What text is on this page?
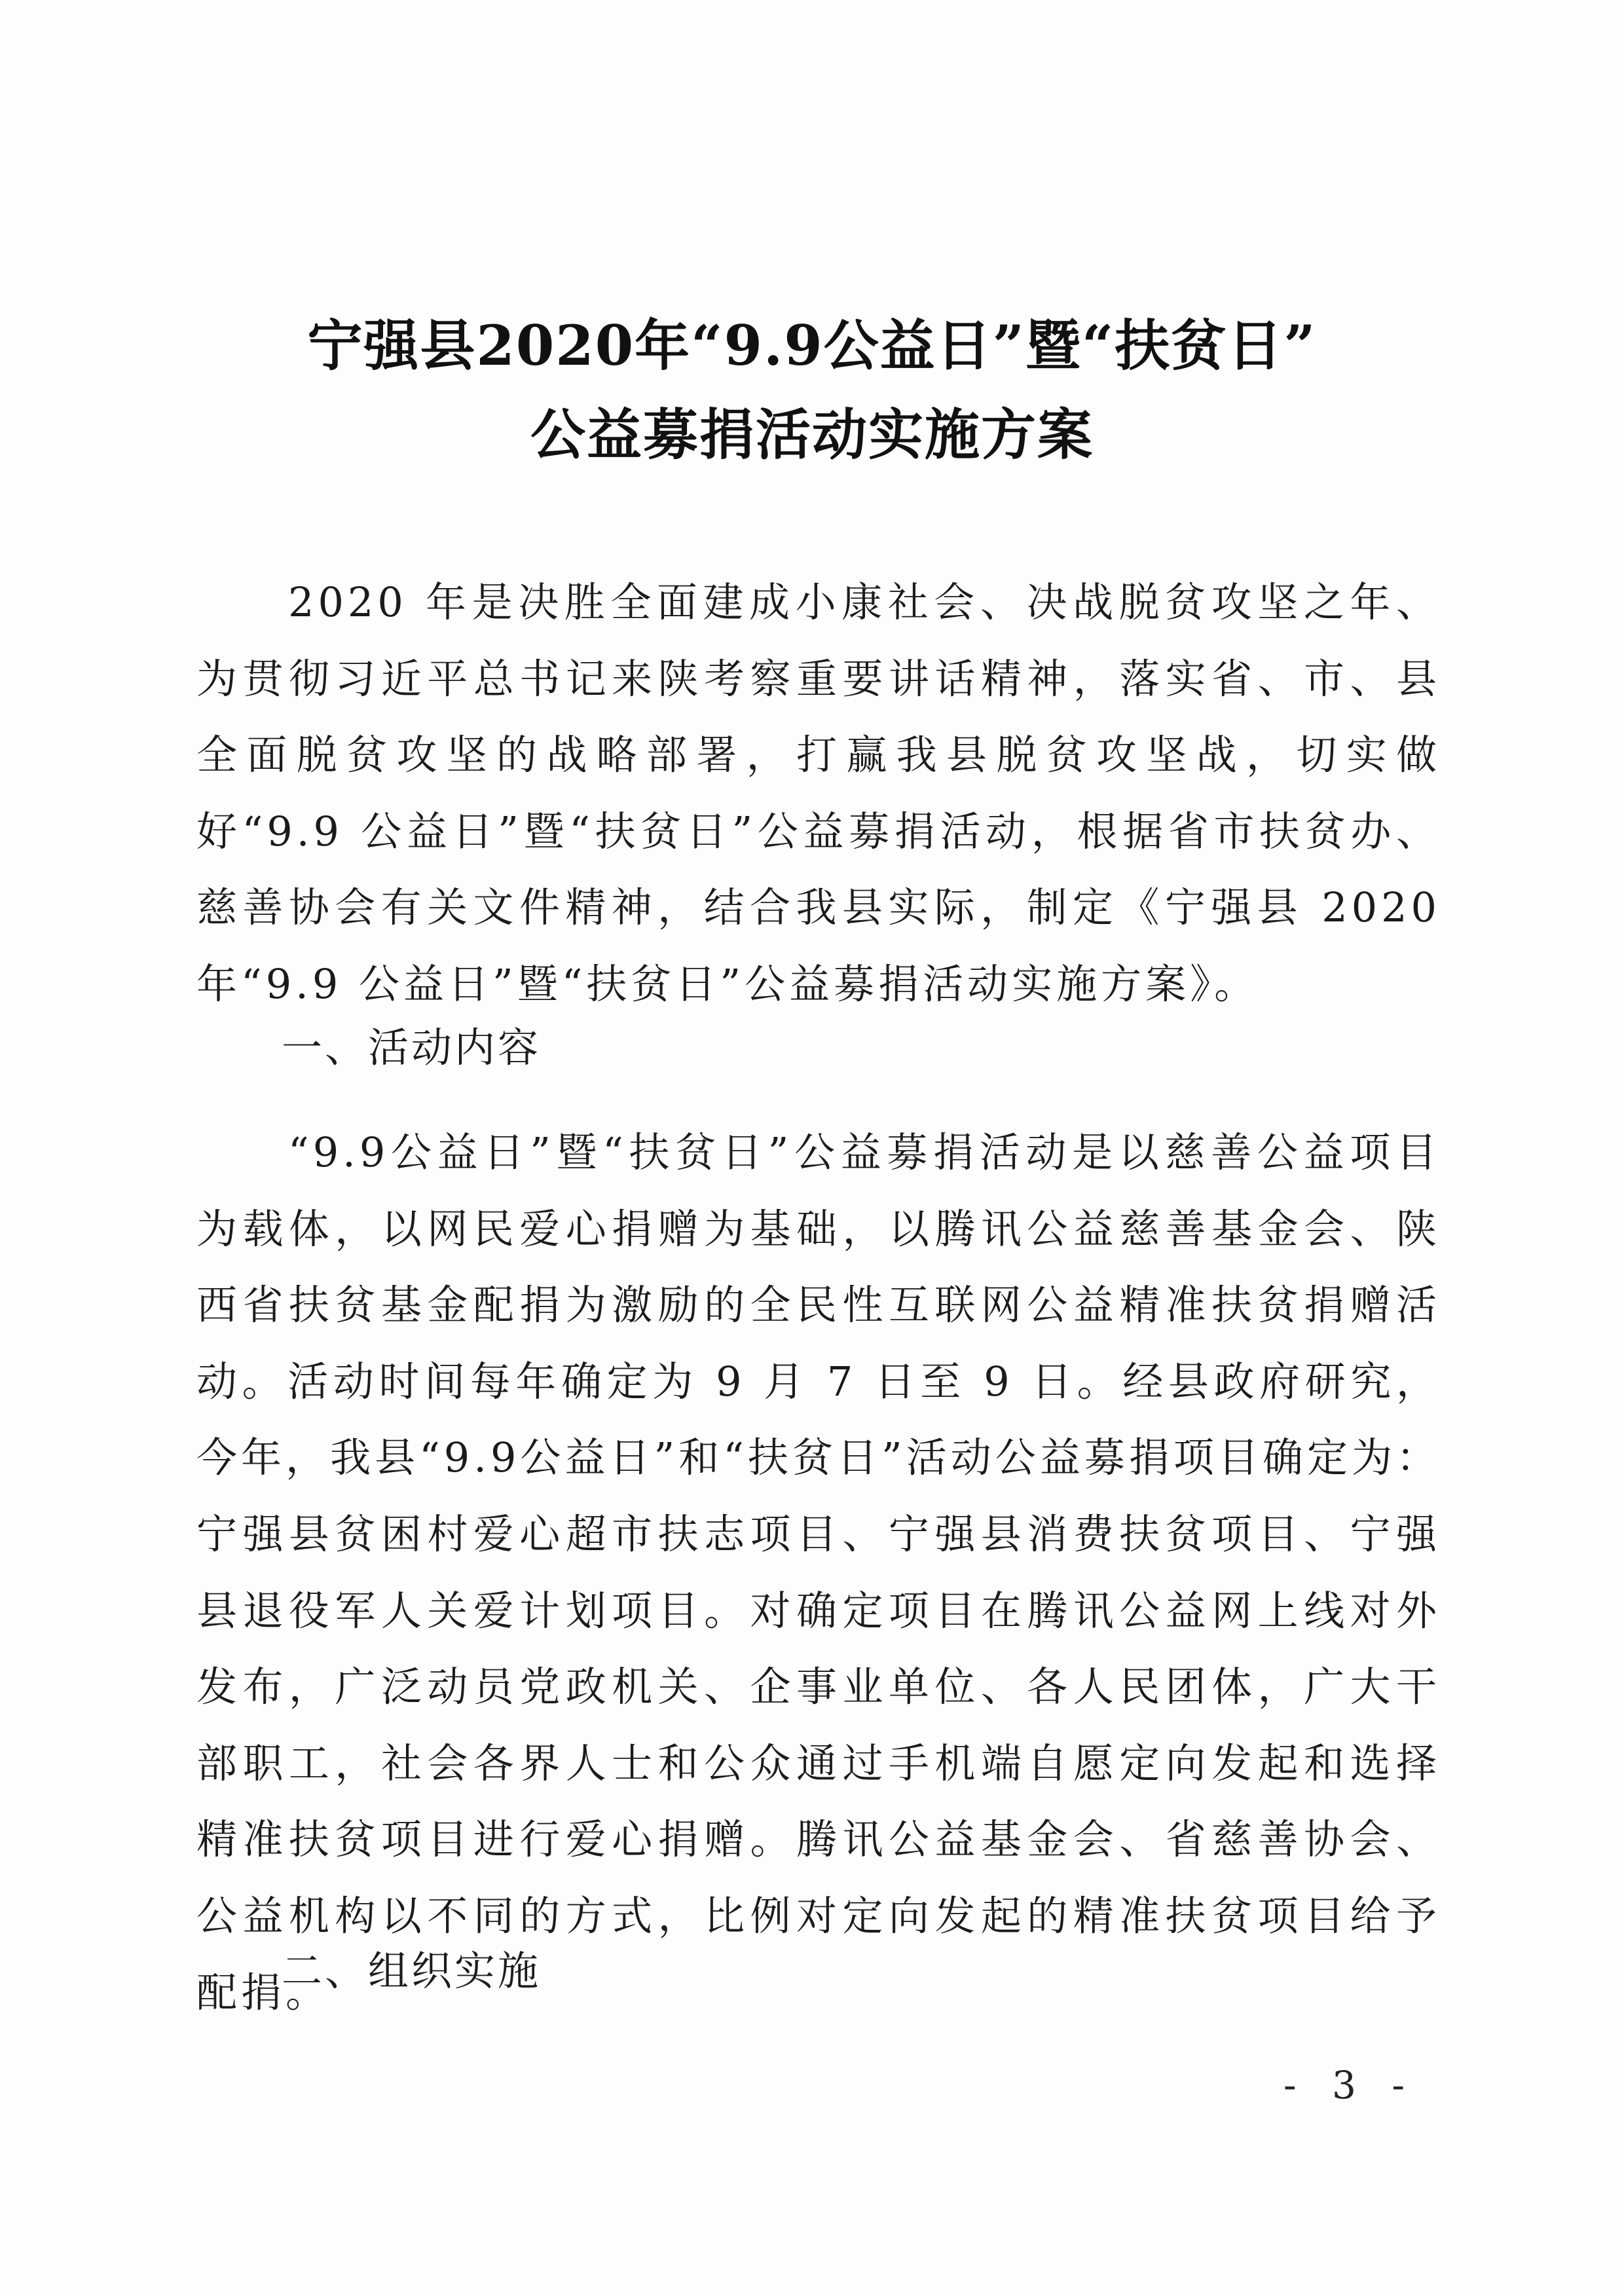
宁强县2020年“9.9公益日”暨“扶贫日”
公益募捐活动实施方案
2020 年是决胜全面建成小康社会、决战脱贫攻坚之年、为贯彻习近平总书记来陕考察重要讲话精神，落实省、市、县全面脱贫攻坚的战略部署，打赢我县脱贫攻坚战，切实做好“9.9 公益日”暨“扶贫日”公益募捐活动，根据省市扶贫办、慈善协会有关文件精神，结合我县实际，制定《宁强县 2020 年“9.9 公益日”暨“扶贫日”公益募捐活动实施方案》。
一、活动内容
“9.9公益日”暨“扶贫日”公益募捐活动是以慈善公益项目为载体，以网民爱心捐赠为基础，以腾讯公益慈善基金会、陕西省扶贫基金配捐为激励的全民性互联网公益精准扶贫捐赠活动。活动时间每年确定为 9 月 7 日至 9 日。经县政府研究，今年，我县“9.9公益日”和“扶贫日”活动公益募捐项目确定为：宁强县贫困村爱心超市扶志项目、宁强县消费扶贫项目、宁强县退役军人关爱计划项目。对确定项目在腾讯公益网上线对外发布，广泛动员党政机关、企事业单位、各人民团体，广大干部职工，社会各界人士和公众通过手机端自愿定向发起和选择精准扶贫项目进行爱心捐赠。腾讯公益基金会、省慈善协会、公益机构以不同的方式，比例对定向发起的精准扶贫项目给予配捐。
二、组织实施
- 3 -
